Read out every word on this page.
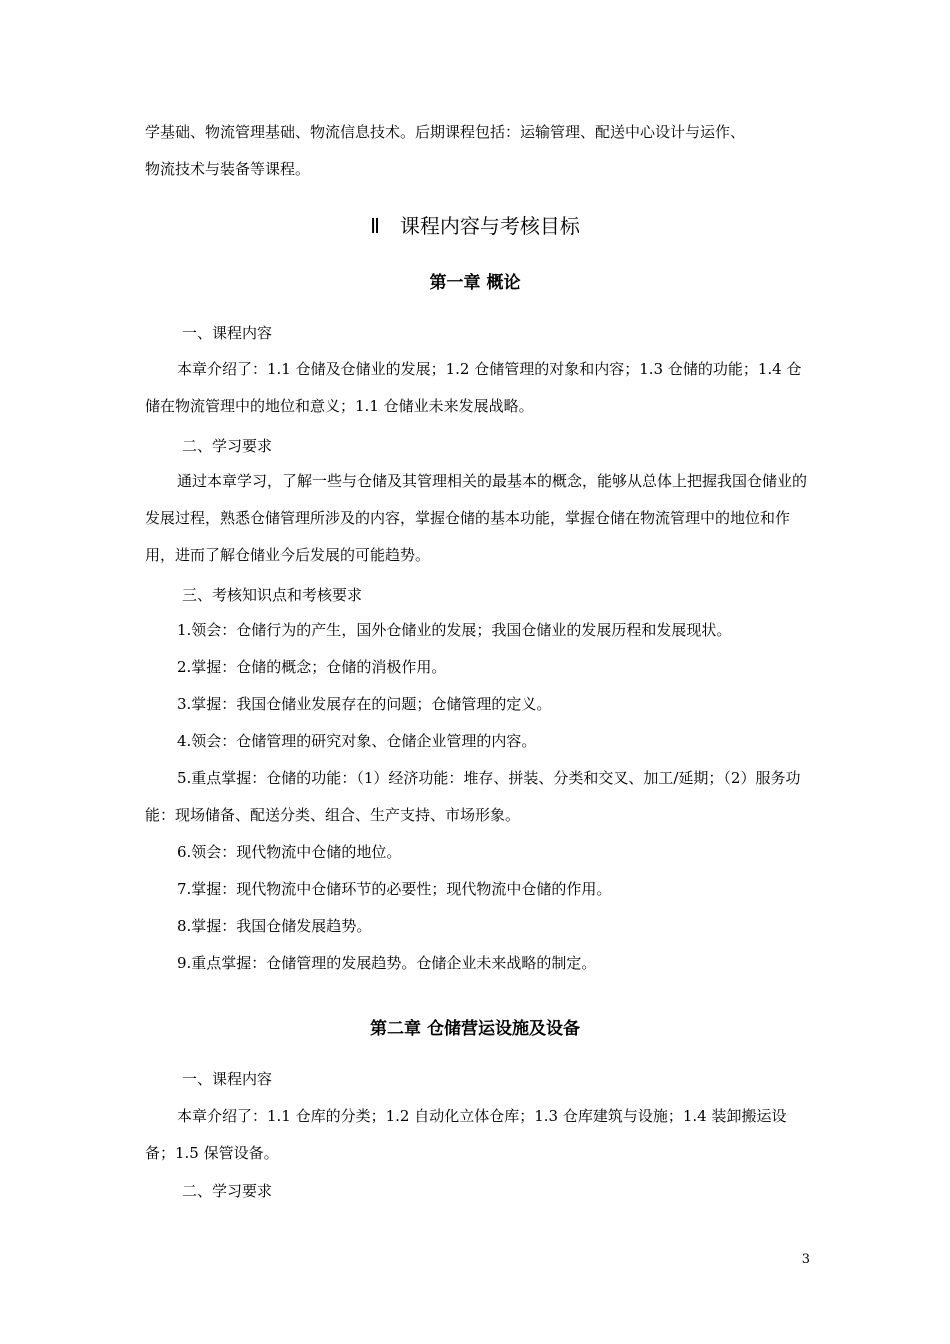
学基础、物流管理基础、物流信息技术。后期课程包括：运输管理、配送中心设计与运作、
物流技术与装备等课程。
Ⅱ　课程内容与考核目标
第一章 概论
一、课程内容
本章介绍了：1.1 仓储及仓储业的发展；1.2 仓储管理的对象和内容；1.3 仓储的功能；1.4 仓储在物流管理中的地位和意义；1.1 仓储业未来发展战略。
二、学习要求
通过本章学习，了解一些与仓储及其管理相关的最基本的概念，能够从总体上把握我国仓储业的发展过程，熟悉仓储管理所涉及的内容，掌握仓储的基本功能，掌握仓储在物流管理中的地位和作用，进而了解仓储业今后发展的可能趋势。
三、考核知识点和考核要求
1.领会：仓储行为的产生，国外仓储业的发展；我国仓储业的发展历程和发展现状。
2.掌握：仓储的概念；仓储的消极作用。
3.掌握：我国仓储业发展存在的问题；仓储管理的定义。
4.领会：仓储管理的研究对象、仓储企业管理的内容。
5.重点掌握：仓储的功能：（1）经济功能：堆存、拼装、分类和交叉、加工/延期；（2）服务功能：现场储备、配送分类、组合、生产支持、市场形象。
6.领会：现代物流中仓储的地位。
7.掌握：现代物流中仓储环节的必要性；现代物流中仓储的作用。
8.掌握：我国仓储发展趋势。
9.重点掌握：仓储管理的发展趋势。仓储企业未来战略的制定。
第二章 仓储营运设施及设备
一、课程内容
本章介绍了：1.1 仓库的分类；1.2 自动化立体仓库；1.3 仓库建筑与设施；1.4 装卸搬运设备；1.5 保管设备。
二、学习要求
3
